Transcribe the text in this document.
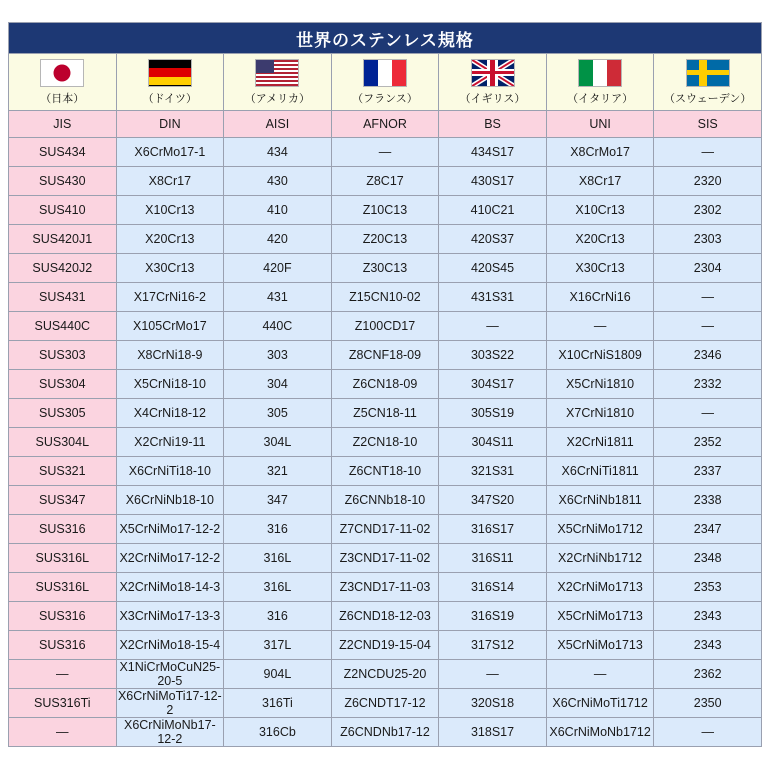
世界のステンレス規格						

（日本）	（ドイツ）	（アメリカ）	（フランス）	（イギリス）	（イタリア）	（スウェーデン）

JIS	DIN	AISI	AFNOR	BS	UNI	SIS
SUS434	X6CrMo17-1	434	—	434S17	X8CrMo17	—
SUS430	X8Cr17	430	Z8C17	430S17	X8Cr17	2320
SUS410	X10Cr13	410	Z10C13	410C21	X10Cr13	2302
SUS420J1	X20Cr13	420	Z20C13	420S37	X20Cr13	2303
SUS420J2	X30Cr13	420F	Z30C13	420S45	X30Cr13	2304
SUS431	X17CrNi16-2	431	Z15CN10-02	431S31	X16CrNi16	—
SUS440C	X105CrMo17	440C	Z100CD17	—	—	—
SUS303	X8CrNi18-9	303	Z8CNF18-09	303S22	X10CrNiS1809	2346
SUS304	X5CrNi18-10	304	Z6CN18-09	304S17	X5CrNi1810	2332
SUS305	X4CrNi18-12	305	Z5CN18-11	305S19	X7CrNi1810	—
SUS304L	X2CrNi19-11	304L	Z2CN18-10	304S11	X2CrNi1811	2352
SUS321	X6CrNiTi18-10	321	Z6CNT18-10	321S31	X6CrNiTi1811	2337
SUS347	X6CrNiNb18-10	347	Z6CNNb18-10	347S20	X6CrNiNb1811	2338
SUS316	X5CrNiMo17-12-2	316	Z7CND17-11-02	316S17	X5CrNiMo1712	2347
SUS316L	X2CrNiMo17-12-2	316L	Z3CND17-11-02	316S11	X2CrNiNb1712	2348
SUS316L	X2CrNiMo18-14-3	316L	Z3CND17-11-03	316S14	X2CrNiMo1713	2353
SUS316	X3CrNiMo17-13-3	316	Z6CND18-12-03	316S19	X5CrNiMo1713	2343
SUS316	X2CrNiMo18-15-4	317L	Z2CND19-15-04	317S12	X5CrNiMo1713	2343
—	X1NiCrMoCuN25-20-5	904L	Z2NCDU25-20	—	—	2362
SUS316Ti	X6CrNiMoTi17-12-2	316Ti	Z6CNDT17-12	320S18	X6CrNiMoTi1712	2350
—	X6CrNiMoNb17-12-2	316Cb	Z6CNDNb17-12	318S17	X6CrNiMoNb1712	—
